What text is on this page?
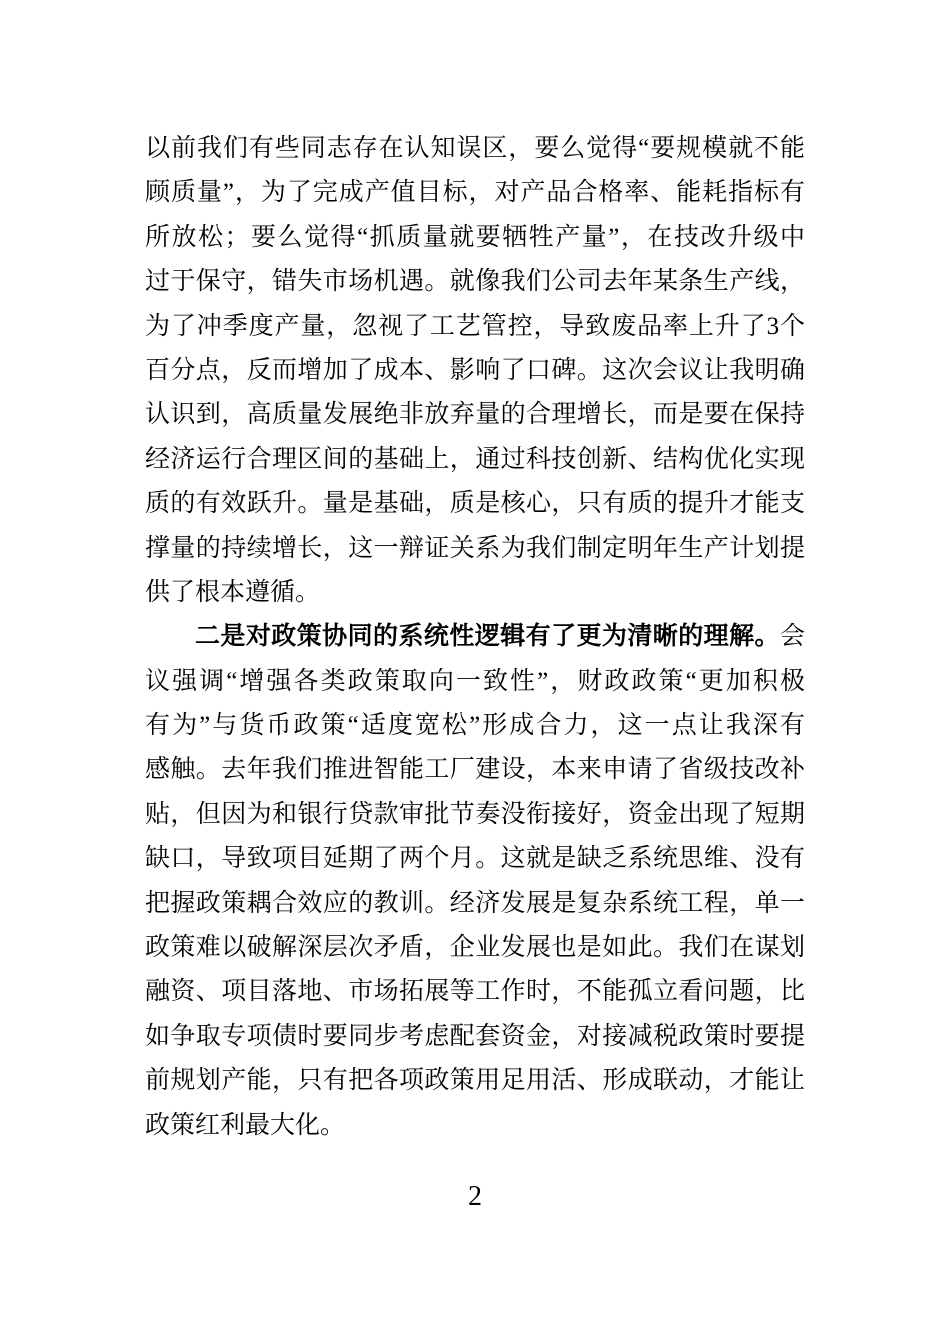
以前我们有些同志存在认知误区，要么觉得“要规模就不能
顾质量”，为了完成产值目标，对产品合格率、能耗指标有
所放松；要么觉得“抓质量就要牺牲产量”，在技改升级中
过于保守，错失市场机遇。就像我们公司去年某条生产线，
为了冲季度产量，忽视了工艺管控，导致废品率上升了3个
百分点，反而增加了成本、影响了口碑。这次会议让我明确
认识到，高质量发展绝非放弃量的合理增长，而是要在保持
经济运行合理区间的基础上，通过科技创新、结构优化实现
质的有效跃升。量是基础，质是核心，只有质的提升才能支
撑量的持续增长，这一辩证关系为我们制定明年生产计划提
供了根本遵循。
二是对政策协同的系统性逻辑有了更为清晰的理解。会
议强调“增强各类政策取向一致性”，财政政策“更加积极
有为”与货币政策“适度宽松”形成合力，这一点让我深有
感触。去年我们推进智能工厂建设，本来申请了省级技改补
贴，但因为和银行贷款审批节奏没衔接好，资金出现了短期
缺口，导致项目延期了两个月。这就是缺乏系统思维、没有
把握政策耦合效应的教训。经济发展是复杂系统工程，单一
政策难以破解深层次矛盾，企业发展也是如此。我们在谋划
融资、项目落地、市场拓展等工作时，不能孤立看问题，比
如争取专项债时要同步考虑配套资金，对接减税政策时要提
前规划产能，只有把各项政策用足用活、形成联动，才能让
政策红利最大化。
2
